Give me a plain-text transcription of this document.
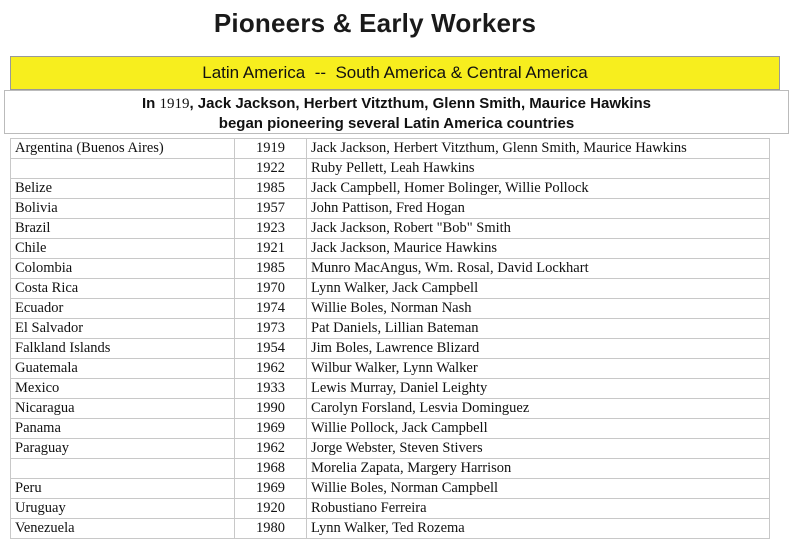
Pioneers & Early Workers
Latin America  --  South America & Central America
In 1919, Jack Jackson, Herbert Vitzthum, Glenn Smith, Maurice Hawkins
began pioneering several Latin America countries
Argentina (Buenos Aires)	1919	Jack Jackson, Herbert Vitzthum, Glenn Smith, Maurice Hawkins
	1922	Ruby Pellett, Leah Hawkins
Belize	1985	Jack Campbell, Homer Bolinger, Willie Pollock
Bolivia	1957	John Pattison, Fred Hogan
Brazil	1923	Jack Jackson, Robert "Bob" Smith
Chile	1921	Jack Jackson, Maurice Hawkins
Colombia	1985	Munro MacAngus, Wm. Rosal, David Lockhart
Costa Rica	1970	Lynn Walker, Jack Campbell
Ecuador	1974	Willie Boles, Norman Nash
El Salvador	1973	Pat Daniels, Lillian Bateman
Falkland Islands	1954	Jim Boles, Lawrence Blizard
Guatemala	1962	Wilbur Walker, Lynn Walker
Mexico	1933	Lewis Murray, Daniel Leighty
Nicaragua	1990	Carolyn Forsland, Lesvia Dominguez
Panama	1969	Willie Pollock, Jack Campbell
Paraguay	1962	Jorge Webster, Steven Stivers
	1968	Morelia Zapata, Margery Harrison
Peru	1969	Willie Boles, Norman Campbell
Uruguay	1920	Robustiano Ferreira
Venezuela	1980	Lynn Walker, Ted Rozema
